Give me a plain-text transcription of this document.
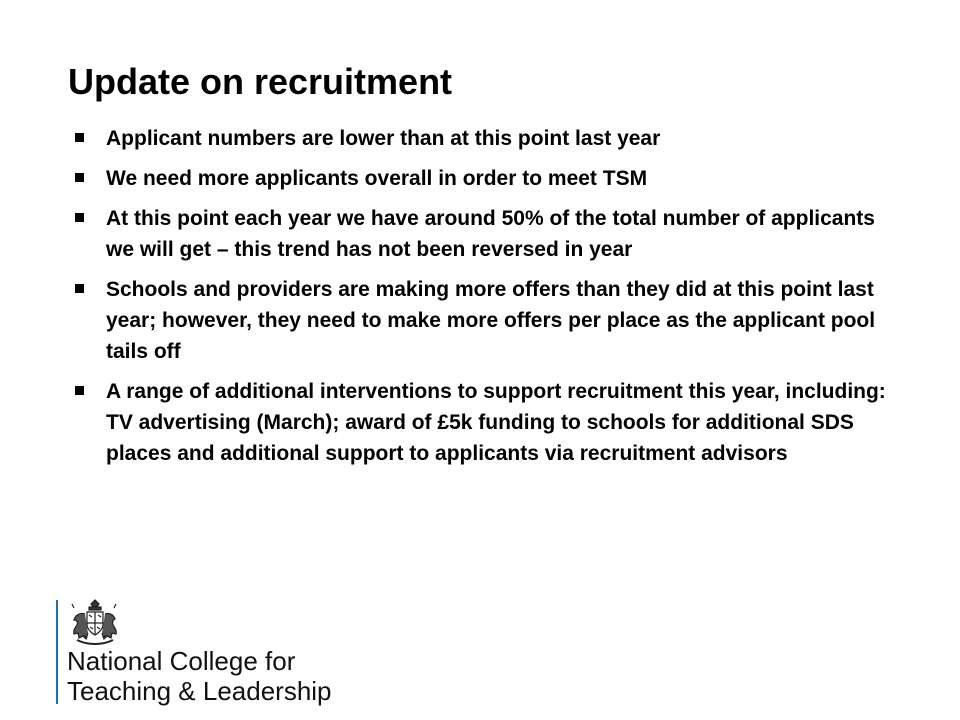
Update on recruitment
Applicant numbers are lower than at this point last year
We need more applicants overall in order to meet TSM
At this point each year we have around 50% of the total number of applicants we will get – this trend has not been reversed in year
Schools and providers are making more offers than they did at this point last year; however, they need to make more offers per place as the applicant pool tails off
A range of additional interventions to support recruitment this year, including: TV advertising (March); award of £5k funding to schools for additional SDS places and additional support to applicants via recruitment advisors

National College for

Teaching & Leadership
